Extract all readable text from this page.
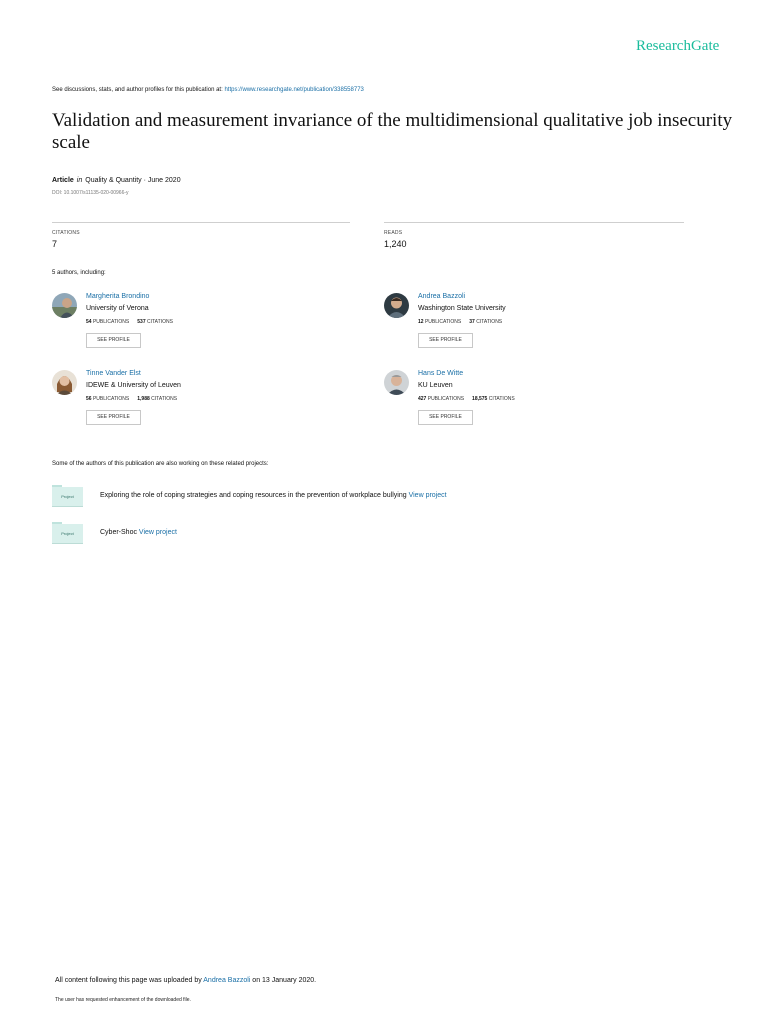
ResearchGate
See discussions, stats, and author profiles for this publication at: https://www.researchgate.net/publication/338558773
Validation and measurement invariance of the multidimensional qualitative job insecurity scale
Article in Quality & Quantity · June 2020
DOI: 10.1007/s11135-020-00966-y
CITATIONS
7
READS
1,240
5 authors, including:
Margherita Brondino
University of Verona
54 PUBLICATIONS 537 CITATIONS
SEE PROFILE
Andrea Bazzoli
Washington State University
12 PUBLICATIONS 37 CITATIONS
SEE PROFILE
Tinne Vander Elst
IDEWE & University of Leuven
56 PUBLICATIONS 1,988 CITATIONS
SEE PROFILE
Hans De Witte
KU Leuven
427 PUBLICATIONS 18,575 CITATIONS
SEE PROFILE
Some of the authors of this publication are also working on these related projects:
Project	Exploring the role of coping strategies and coping resources in the prevention of workplace bullying View project
Project	Cyber-Shoc View project
All content following this page was uploaded by Andrea Bazzoli on 13 January 2020.
The user has requested enhancement of the downloaded file.
